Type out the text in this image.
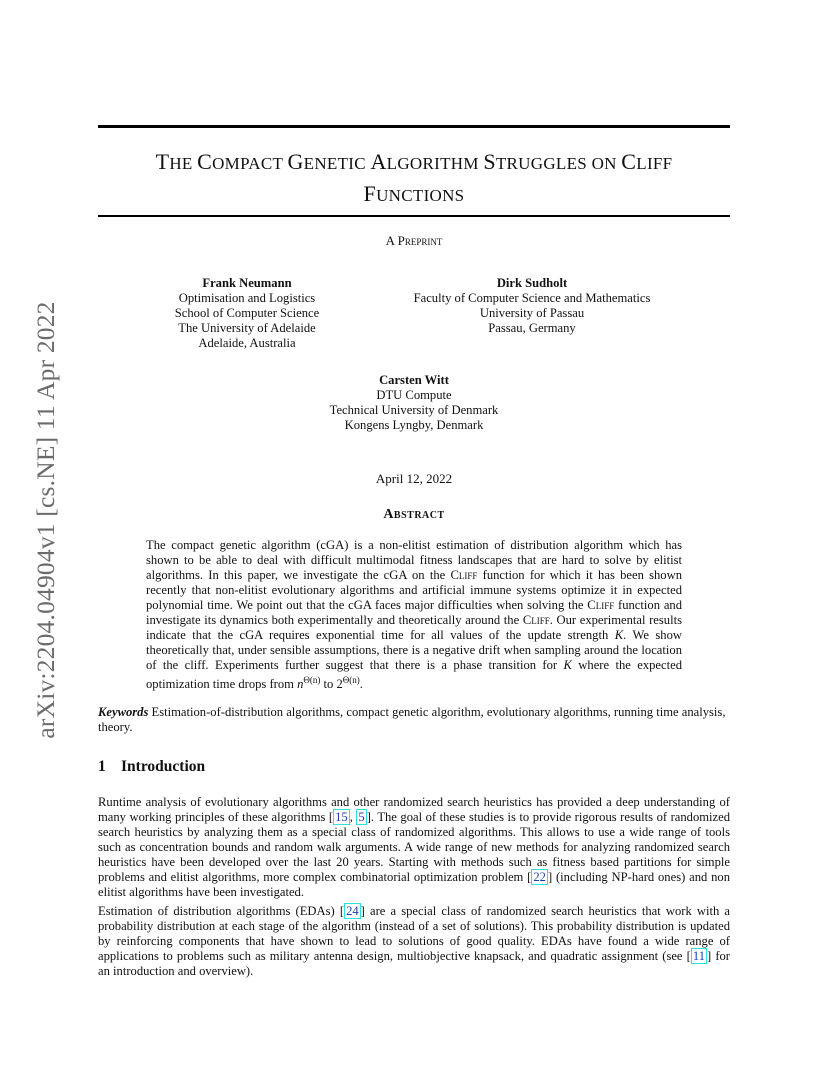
arXiv:2204.04904v1 [cs.NE] 11 Apr 2022
THE COMPACT GENETIC ALGORITHM STRUGGLES ON CLIFF
FUNCTIONS
A Preprint
Frank Neumann
Optimisation and Logistics
School of Computer Science
The University of Adelaide
Adelaide, Australia
Dirk Sudholt
Faculty of Computer Science and Mathematics
University of Passau
Passau, Germany
Carsten Witt
DTU Compute
Technical University of Denmark
Kongens Lyngby, Denmark
April 12, 2022
Abstract
The compact genetic algorithm (cGA) is a non-elitist estimation of distribution algorithm which has shown to be able to deal with difficult multimodal fitness landscapes that are hard to solve by elitist algorithms. In this paper, we investigate the cGA on the Cliff function for which it has been shown recently that non-elitist evolutionary algorithms and artificial immune systems optimize it in expected polynomial time. We point out that the cGA faces major difficulties when solving the Cliff function and investigate its dynamics both experimentally and theoretically around the Cliff. Our experimental results indicate that the cGA requires exponential time for all values of the update strength K. We show theoretically that, under sensible assumptions, there is a negative drift when sampling around the location of the cliff. Experiments further suggest that there is a phase transition for K where the expected optimization time drops from $n^{\Theta(n)}$ to $2^{\Theta(n)}$.
Keywords Estimation-of-distribution algorithms, compact genetic algorithm, evolutionary algorithms, running time analysis, theory.
1 Introduction
Runtime analysis of evolutionary algorithms and other randomized search heuristics has provided a deep understanding of many working principles of these algorithms [ 15 , 5 ]. The goal of these studies is to provide rigorous results of randomized search heuristics by analyzing them as a special class of randomized algorithms. This allows to use a wide range of tools such as concentration bounds and random walk arguments. A wide range of new methods for analyzing randomized search heuristics have been developed over the last 20 years. Starting with methods such as fitness based partitions for simple problems and elitist algorithms, more complex combinatorial optimization problem [ 22 ] (including NP-hard ones) and non elitist algorithms have been investigated.
Estimation of distribution algorithms (EDAs) [ 24 ] are a special class of randomized search heuristics that work with a probability distribution at each stage of the algorithm (instead of a set of solutions). This probability distribution is updated by reinforcing components that have shown to lead to solutions of good quality. EDAs have found a wide range of applications to problems such as military antenna design, multiobjective knapsack, and quadratic assignment (see [ 11 ] for an introduction and overview).
